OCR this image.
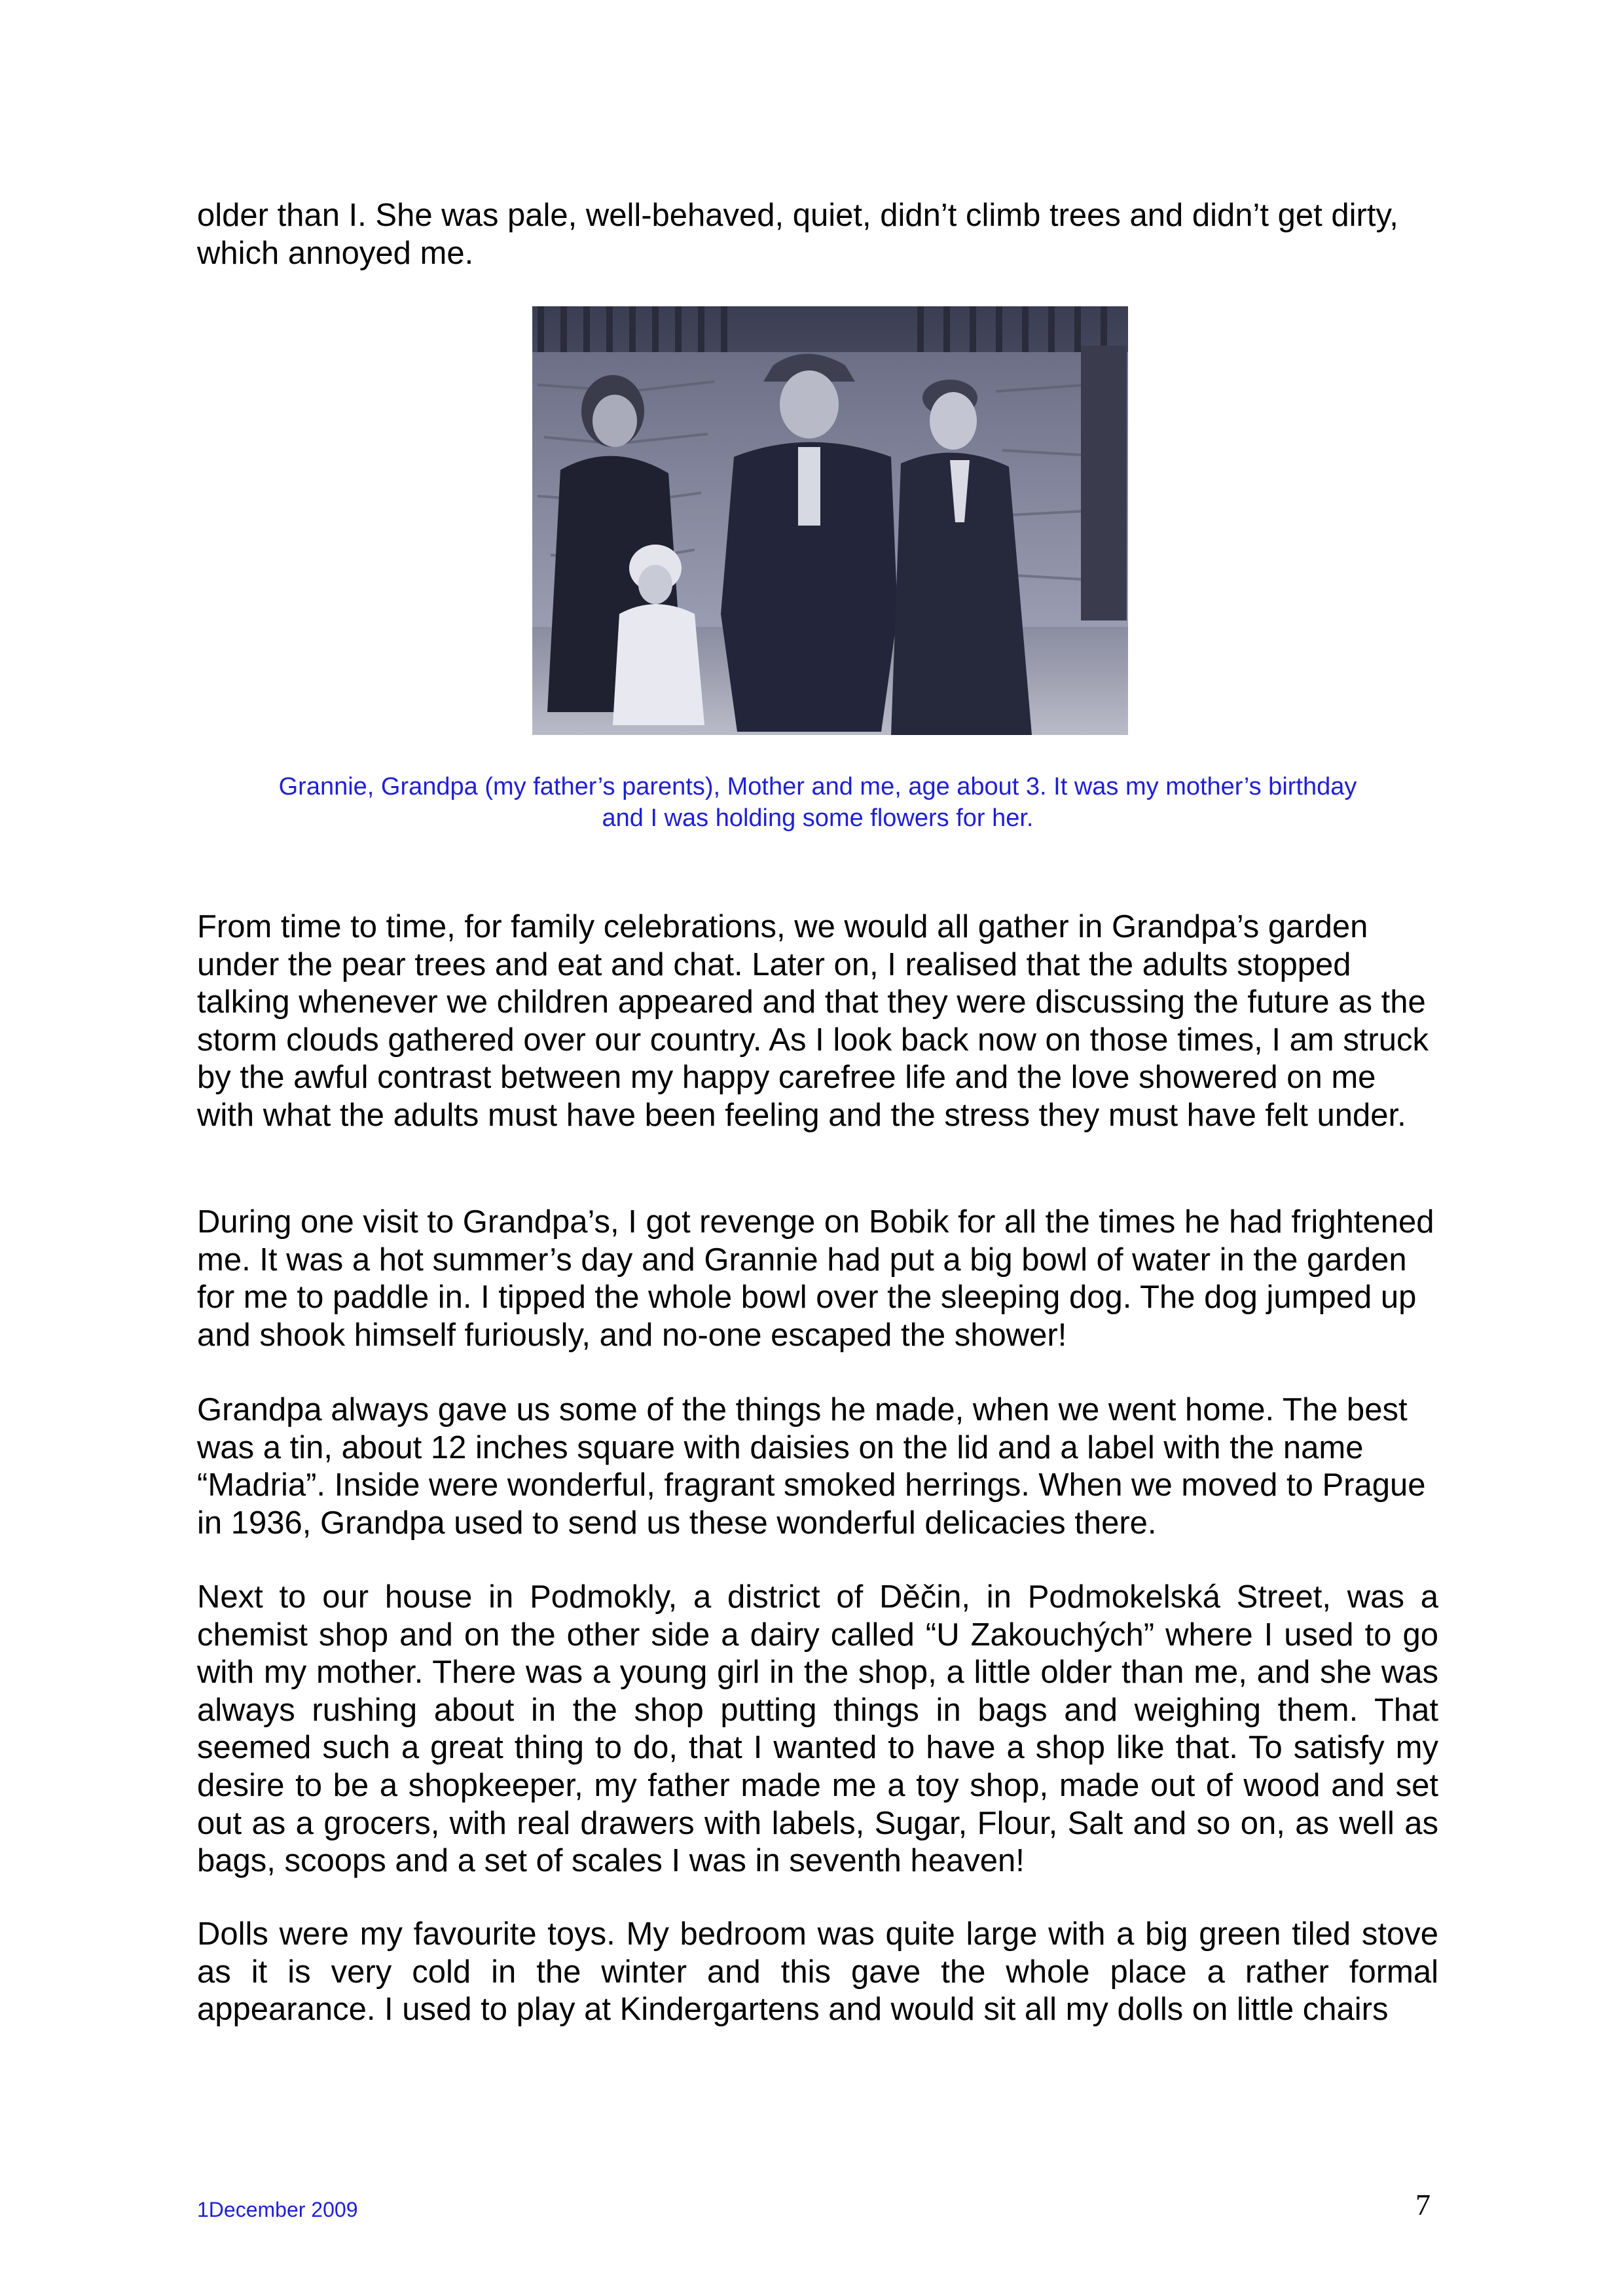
older than I. She was pale, well-behaved, quiet, didn’t climb trees and didn’t get dirty, which annoyed me.

Grannie, Grandpa (my father’s parents), Mother and me, age about 3. It was my mother’s birthday
and I was holding some flowers for her.

From time to time, for family celebrations, we would all gather in Grandpa’s garden under the pear trees and eat and chat. Later on, I realised that the adults stopped talking whenever we children appeared and that they were discussing the future as the storm clouds gathered over our country. As I look back now on those times, I am struck by the awful contrast between my happy carefree life and the love showered on me with what the adults must have been feeling and the stress they must have felt under.

During one visit to Grandpa’s, I got revenge on Bobik for all the times he had frightened me. It was a hot summer’s day and Grannie had put a big bowl of water in the garden for me to paddle in. I tipped the whole bowl over the sleeping dog. The dog jumped up and shook himself furiously, and no-one escaped the shower!

Grandpa always gave us some of the things he made, when we went home. The best was a tin, about 12 inches square with daisies on the lid and a label with the name “Madria”. Inside were wonderful, fragrant smoked herrings. When we moved to Prague in 1936, Grandpa used to send us these wonderful delicacies there.

Next to our house in Podmokly, a district of Děčin, in Podmokelská Street, was a chemist shop and on the other side a dairy called “U Zakouchých” where I used to go with my mother. There was a young girl in the shop, a little older than me, and she was always rushing about in the shop putting things in bags and weighing them. That seemed such a great thing to do, that I wanted to have a shop like that. To satisfy my desire to be a shopkeeper, my father made me a toy shop, made out of wood and set out as a grocers, with real drawers with labels, Sugar, Flour, Salt and so on, as well as bags, scoops and a set of scales I was in seventh heaven!

Dolls were my favourite toys. My bedroom was quite large with a big green tiled stove as it is very cold in the winter and this gave the whole place a rather formal appearance. I used to play at Kindergartens and would sit all my dolls on little chairs

1December 2009	7
